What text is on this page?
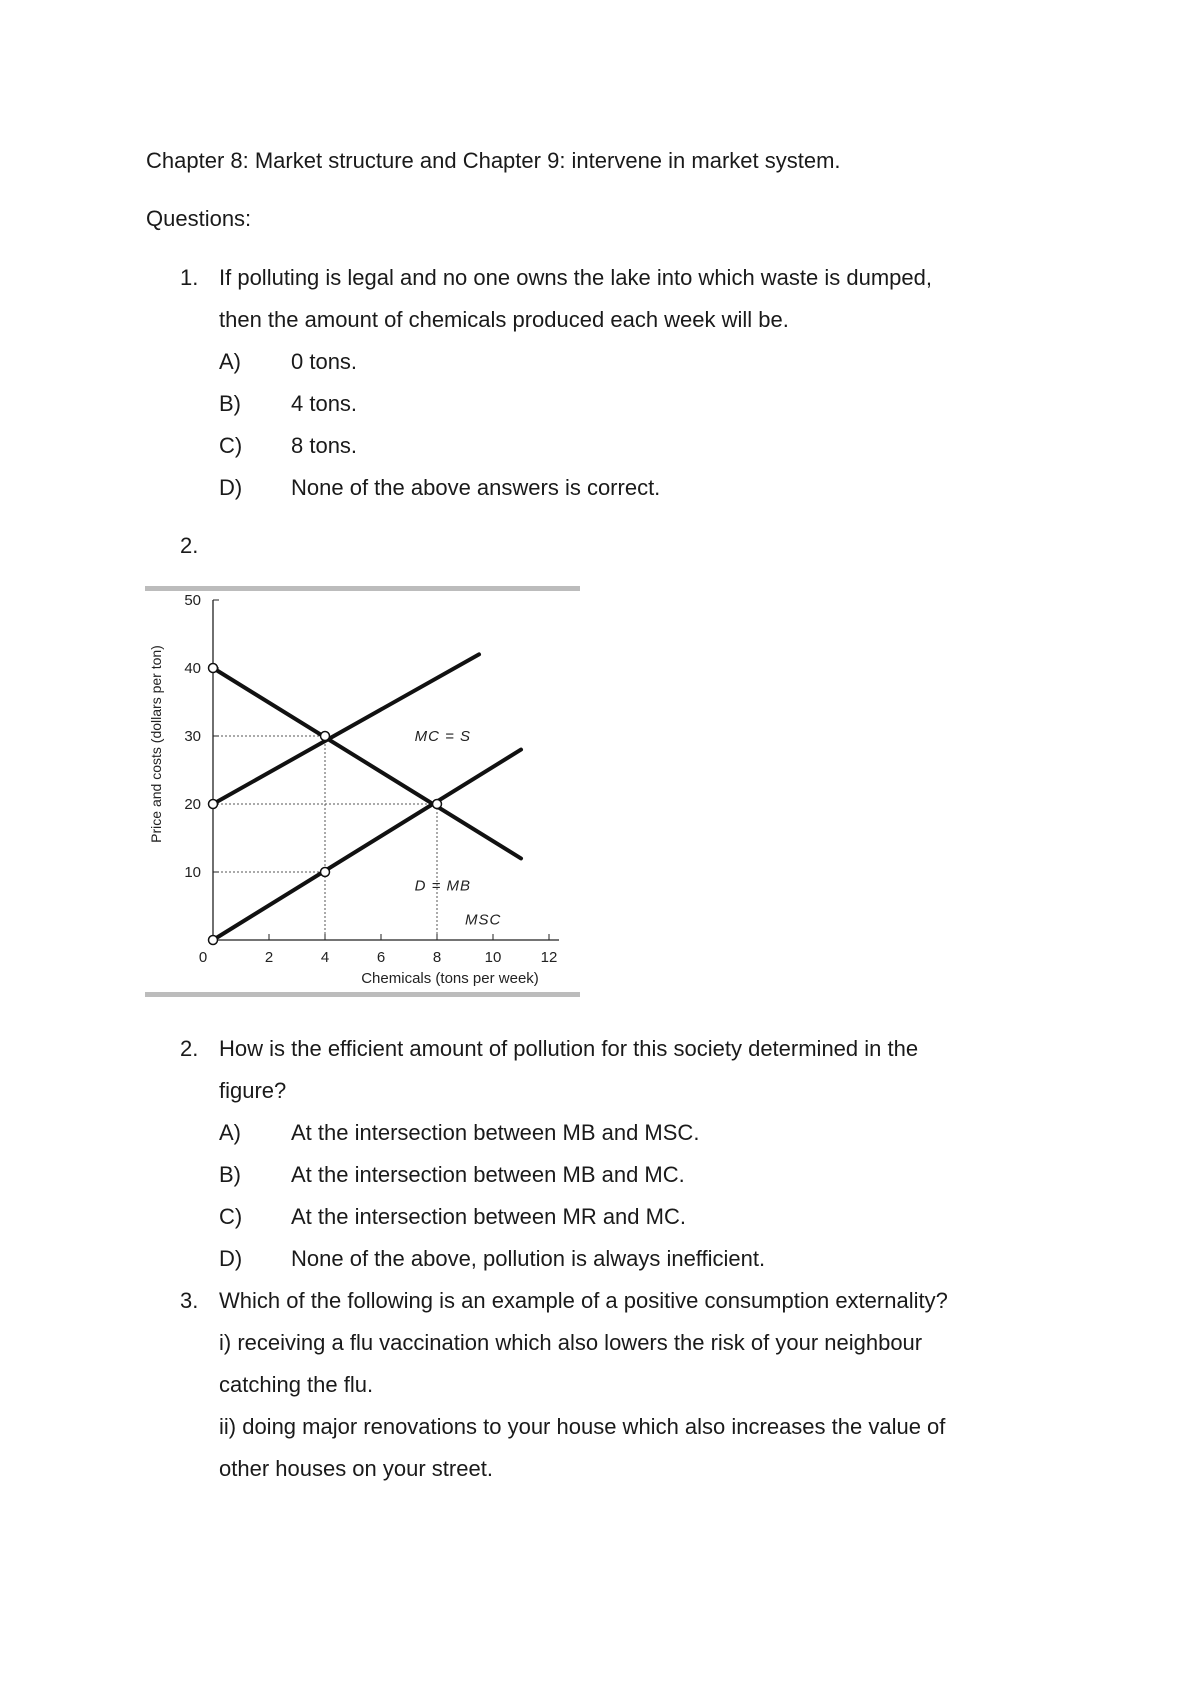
Chapter 8: Market structure and Chapter 9: intervene in market system.
Questions:
1. If polluting is legal and no one owns the lake into which waste is dumped,
then the amount of chemicals produced each week will be.
A) 0 tons.
B) 4 tons.
C) 8 tons.
D) None of the above answers is correct.
2.
10
20
30
40
50
0	2	4	6	8	10	12
MSC
MC = S
D = MB
Price and costs (dollars per ton)
Chemicals (tons per week)
2. How is the efficient amount of pollution for this society determined in the
figure?
A) At the intersection between MB and MSC.
B) At the intersection between MB and MC.
C) At the intersection between MR and MC.
D) None of the above, pollution is always inefficient.
3. Which of the following is an example of a positive consumption externality?
i) receiving a flu vaccination which also lowers the risk of your neighbour
catching the flu.
ii) doing major renovations to your house which also increases the value of
other houses on your street.
